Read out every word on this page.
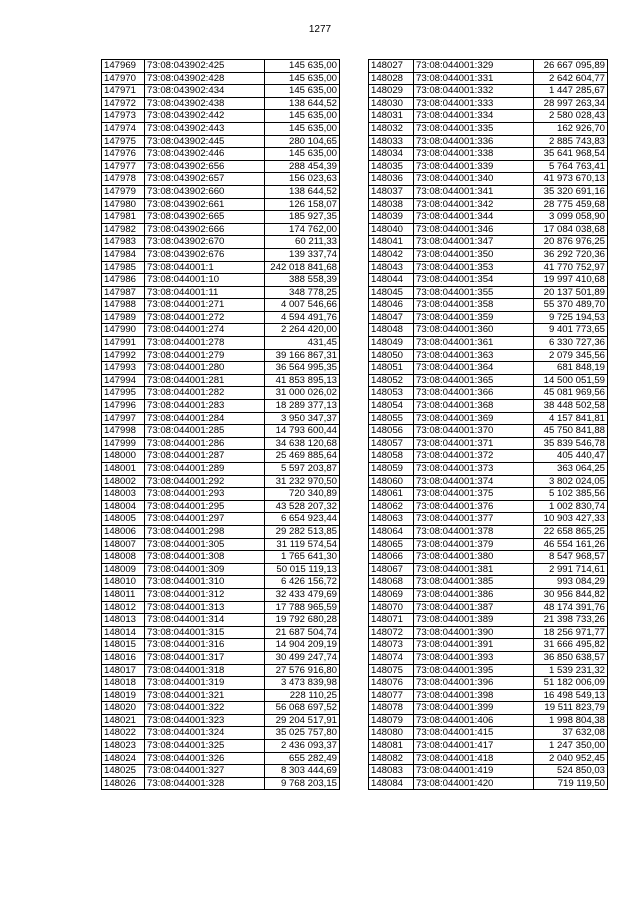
1277
147969	73:08:043902:425	145 635,00
147970	73:08:043902:428	145 635,00
147971	73:08:043902:434	145 635,00
147972	73:08:043902:438	138 644,52
147973	73:08:043902:442	145 635,00
147974	73:08:043902:443	145 635,00
147975	73:08:043902:445	280 104,65
147976	73:08:043902:446	145 635,00
147977	73:08:043902:656	288 454,39
147978	73:08:043902:657	156 023,63
147979	73:08:043902:660	138 644,52
147980	73:08:043902:661	126 158,07
147981	73:08:043902:665	185 927,35
147982	73:08:043902:666	174 762,00
147983	73:08:043902:670	60 211,33
147984	73:08:043902:676	139 337,74
147985	73:08:044001:1	242 018 841,68
147986	73:08:044001:10	388 558,39
147987	73:08:044001:11	348 778,25
147988	73:08:044001:271	4 007 546,66
147989	73:08:044001:272	4 594 491,76
147990	73:08:044001:274	2 264 420,00
147991	73:08:044001:278	431,45
147992	73:08:044001:279	39 166 867,31
147993	73:08:044001:280	36 564 995,35
147994	73:08:044001:281	41 853 895,13
147995	73:08:044001:282	31 000 026,02
147996	73:08:044001:283	18 289 377,13
147997	73:08:044001:284	3 950 347,37
147998	73:08:044001:285	14 793 600,44
147999	73:08:044001:286	34 638 120,68
148000	73:08:044001:287	25 469 885,64
148001	73:08:044001:289	5 597 203,87
148002	73:08:044001:292	31 232 970,50
148003	73:08:044001:293	720 340,89
148004	73:08:044001:295	43 528 207,32
148005	73:08:044001:297	6 654 923,44
148006	73:08:044001:298	29 282 513,85
148007	73:08:044001:305	31 119 574,54
148008	73:08:044001:308	1 765 641,30
148009	73:08:044001:309	50 015 119,13
148010	73:08:044001:310	6 426 156,72
148011	73:08:044001:312	32 433 479,69
148012	73:08:044001:313	17 788 965,59
148013	73:08:044001:314	19 792 680,28
148014	73:08:044001:315	21 687 504,74
148015	73:08:044001:316	14 904 209,19
148016	73:08:044001:317	30 499 247,74
148017	73:08:044001:318	27 576 916,80
148018	73:08:044001:319	3 473 839,98
148019	73:08:044001:321	228 110,25
148020	73:08:044001:322	56 068 697,52
148021	73:08:044001:323	29 204 517,91
148022	73:08:044001:324	35 025 757,80
148023	73:08:044001:325	2 436 093,37
148024	73:08:044001:326	655 282,49
148025	73:08:044001:327	8 303 444,69
148026	73:08:044001:328	9 768 203,15
148027	73:08:044001:329	26 667 095,89
148028	73:08:044001:331	2 642 604,77
148029	73:08:044001:332	1 447 285,67
148030	73:08:044001:333	28 997 263,34
148031	73:08:044001:334	2 580 028,43
148032	73:08:044001:335	162 926,70
148033	73:08:044001:336	2 885 743,83
148034	73:08:044001:338	35 641 968,54
148035	73:08:044001:339	5 764 763,41
148036	73:08:044001:340	41 973 670,13
148037	73:08:044001:341	35 320 691,16
148038	73:08:044001:342	28 775 459,68
148039	73:08:044001:344	3 099 058,90
148040	73:08:044001:346	17 084 038,68
148041	73:08:044001:347	20 876 976,25
148042	73:08:044001:350	36 292 720,36
148043	73:08:044001:353	41 770 752,97
148044	73:08:044001:354	19 997 410,68
148045	73:08:044001:355	20 137 501,89
148046	73:08:044001:358	55 370 489,70
148047	73:08:044001:359	9 725 194,53
148048	73:08:044001:360	9 401 773,65
148049	73:08:044001:361	6 330 727,36
148050	73:08:044001:363	2 079 345,56
148051	73:08:044001:364	681 848,19
148052	73:08:044001:365	14 500 051,59
148053	73:08:044001:366	45 081 969,56
148054	73:08:044001:368	38 448 502,58
148055	73:08:044001:369	4 157 841,81
148056	73:08:044001:370	45 750 841,88
148057	73:08:044001:371	35 839 546,78
148058	73:08:044001:372	405 440,47
148059	73:08:044001:373	363 064,25
148060	73:08:044001:374	3 802 024,05
148061	73:08:044001:375	5 102 385,56
148062	73:08:044001:376	1 002 830,74
148063	73:08:044001:377	10 903 427,33
148064	73:08:044001:378	22 658 865,25
148065	73:08:044001:379	46 554 161,26
148066	73:08:044001:380	8 547 968,57
148067	73:08:044001:381	2 991 714,61
148068	73:08:044001:385	993 084,29
148069	73:08:044001:386	30 956 844,82
148070	73:08:044001:387	48 174 391,76
148071	73:08:044001:389	21 398 733,26
148072	73:08:044001:390	18 256 971,77
148073	73:08:044001:391	31 666 495,82
148074	73:08:044001:393	36 850 638,57
148075	73:08:044001:395	1 539 231,32
148076	73:08:044001:396	51 182 006,09
148077	73:08:044001:398	16 498 549,13
148078	73:08:044001:399	19 511 823,79
148079	73:08:044001:406	1 998 804,38
148080	73:08:044001:415	37 632,08
148081	73:08:044001:417	1 247 350,00
148082	73:08:044001:418	2 040 952,45
148083	73:08:044001:419	524 850,03
148084	73:08:044001:420	719 119,50
